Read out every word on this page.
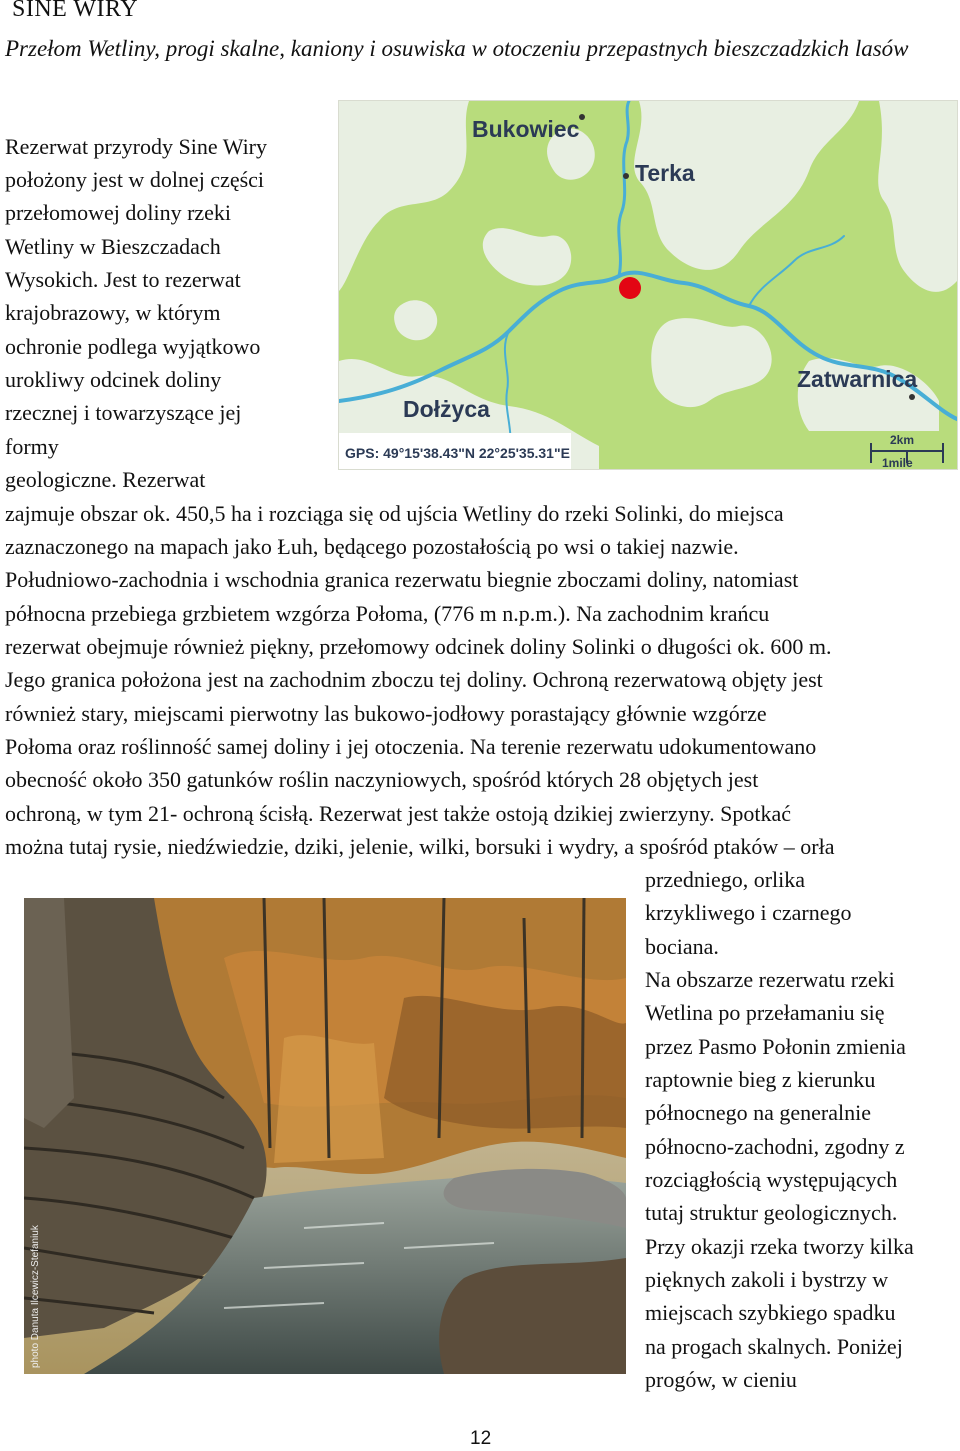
SINE WIRY
Przełom Wetliny, progi skalne, kaniony i osuwiska w otoczeniu przepastnych bieszczadzkich lasów
Rezerwat przyrody Sine Wiry
położony jest w dolnej części
przełomowej doliny rzeki
Wetliny w Bieszczadach
Wysokich. Jest to rezerwat
krajobrazowy, w którym
ochronie podlega wyjątkowo
urokliwy odcinek doliny
rzecznej i towarzyszące jej
formy
geologiczne. Rezerwat
Bukowiec
Terka
Zatwarnica
Dołżyca
GPS: 49°15'38.43"N 22°25'35.31"E
2km
1mile
zajmuje obszar ok. 450,5 ha i rozciąga się od ujścia Wetliny do rzeki Solinki, do miejsca
zaznaczonego na mapach jako Łuh, będącego pozostałością po wsi o takiej nazwie.
Południowo-zachodnia i wschodnia granica rezerwatu biegnie zboczami doliny, natomiast
północna przebiega grzbietem wzgórza Połoma, (776 m n.p.m.). Na zachodnim krańcu
rezerwat obejmuje również piękny, przełomowy odcinek doliny Solinki o długości ok. 600 m.
Jego granica położona jest na zachodnim zboczu tej doliny. Ochroną rezerwatową objęty jest
również stary, miejscami pierwotny las bukowo-jodłowy porastający głównie wzgórze
Połoma oraz roślinność samej doliny i jej otoczenia. Na terenie rezerwatu udokumentowano
obecność około 350 gatunków roślin naczyniowych, spośród których 28 objętych jest
ochroną, w tym 21- ochroną ścisłą. Rezerwat jest także ostoją dzikiej zwierzyny. Spotkać
można tutaj rysie, niedźwiedzie, dziki, jelenie, wilki, borsuki i wydry, a spośród ptaków – orła
photo Danuta Ilcewicz-Stefaniuk
przedniego, orlika
krzykliwego i czarnego
bociana.
Na obszarze rezerwatu rzeki
Wetlina po przełamaniu się
przez Pasmo Połonin zmienia
raptownie bieg z kierunku
północnego na generalnie
północno-zachodni, zgodny z
rozciągłością występujących
tutaj struktur geologicznych.
Przy okazji rzeka tworzy kilka
pięknych zakoli i bystrzy w
miejscach szybkiego spadku
na progach skalnych. Poniżej
progów, w cieniu
12
